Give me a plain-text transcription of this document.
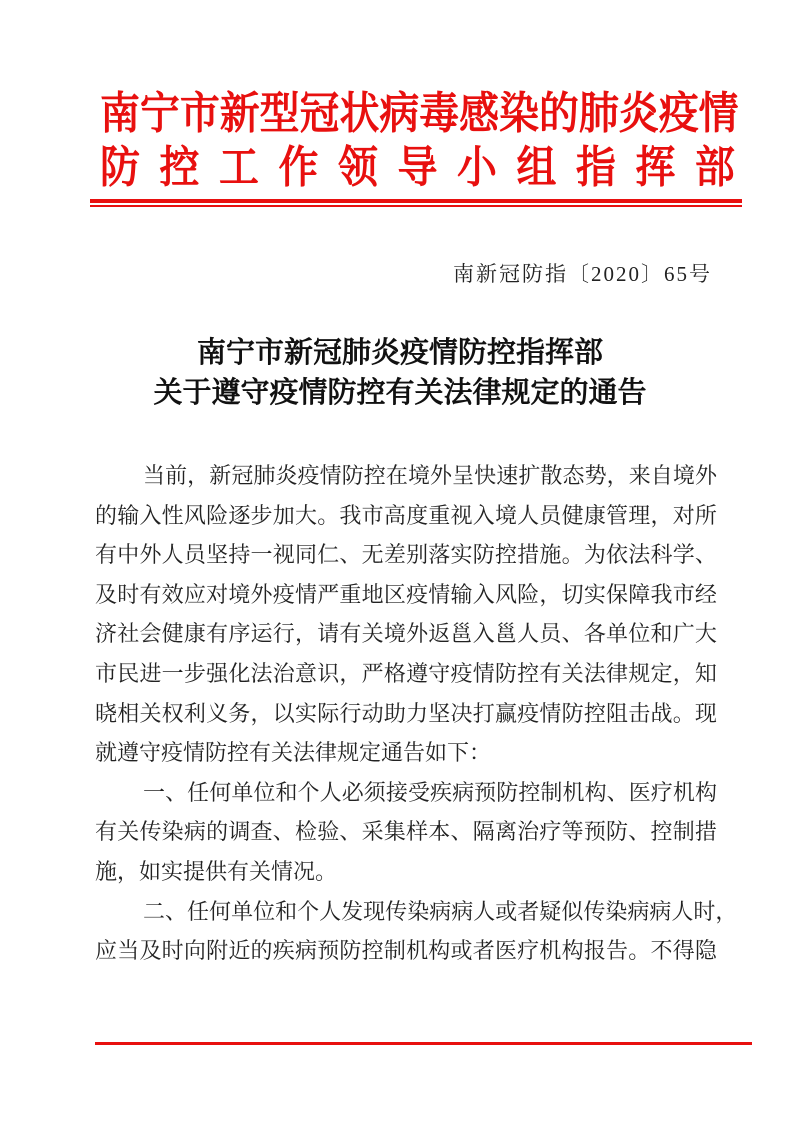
南 宁 市 新 型 冠 状 病 毒 感 染 的 肺 炎 疫 情
防 控 工 作 领 导 小 组 指 挥 部
南新冠防指〔2020〕65号
南宁市新冠肺炎疫情防控指挥部
关于遵守疫情防控有关法律规定的通告
当 前 ， 新 冠 肺 炎 疫 情 防 控 在 境 外 呈 快 速 扩 散 态 势 ， 来 自 境 外
的 输 入 性 风 险 逐 步 加 大 。 我 市 高 度 重 视 入 境 人 员 健 康 管 理 ， 对 所
有 中 外 人 员 坚 持 一 视 同 仁 、 无 差 别 落 实 防 控 措 施 。 为 依 法 科 学 、
及 时 有 效 应 对 境 外 疫 情 严 重 地 区 疫 情 输 入 风 险 ， 切 实 保 障 我 市 经
济 社 会 健 康 有 序 运 行 ， 请 有 关 境 外 返 邕 入 邕 人 员 、 各 单 位 和 广 大
市 民 进 一 步 强 化 法 治 意 识 ， 严 格 遵 守 疫 情 防 控 有 关 法 律 规 定 ， 知
晓 相 关 权 利 义 务 ， 以 实 际 行 动 助 力 坚 决 打 赢 疫 情 防 控 阻 击 战 。 现
就遵守疫情防控有关法律规定通告如下：
一 、 任 何 单 位 和 个 人 必 须 接 受 疾 病 预 防 控 制 机 构 、 医 疗 机 构
有 关 传 染 病 的 调 查 、 检 验 、 采 集 样 本 、 隔 离 治 疗 等 预 防 、 控 制 措
施，如实提供有关情况。
二 、 任 何 单 位 和 个 人 发 现 传 染 病 病 人 或 者 疑 似 传 染 病 病 人 时 ，
应 当 及 时 向 附 近 的 疾 病 预 防 控 制 机 构 或 者 医 疗 机 构 报 告 。 不 得 隐
